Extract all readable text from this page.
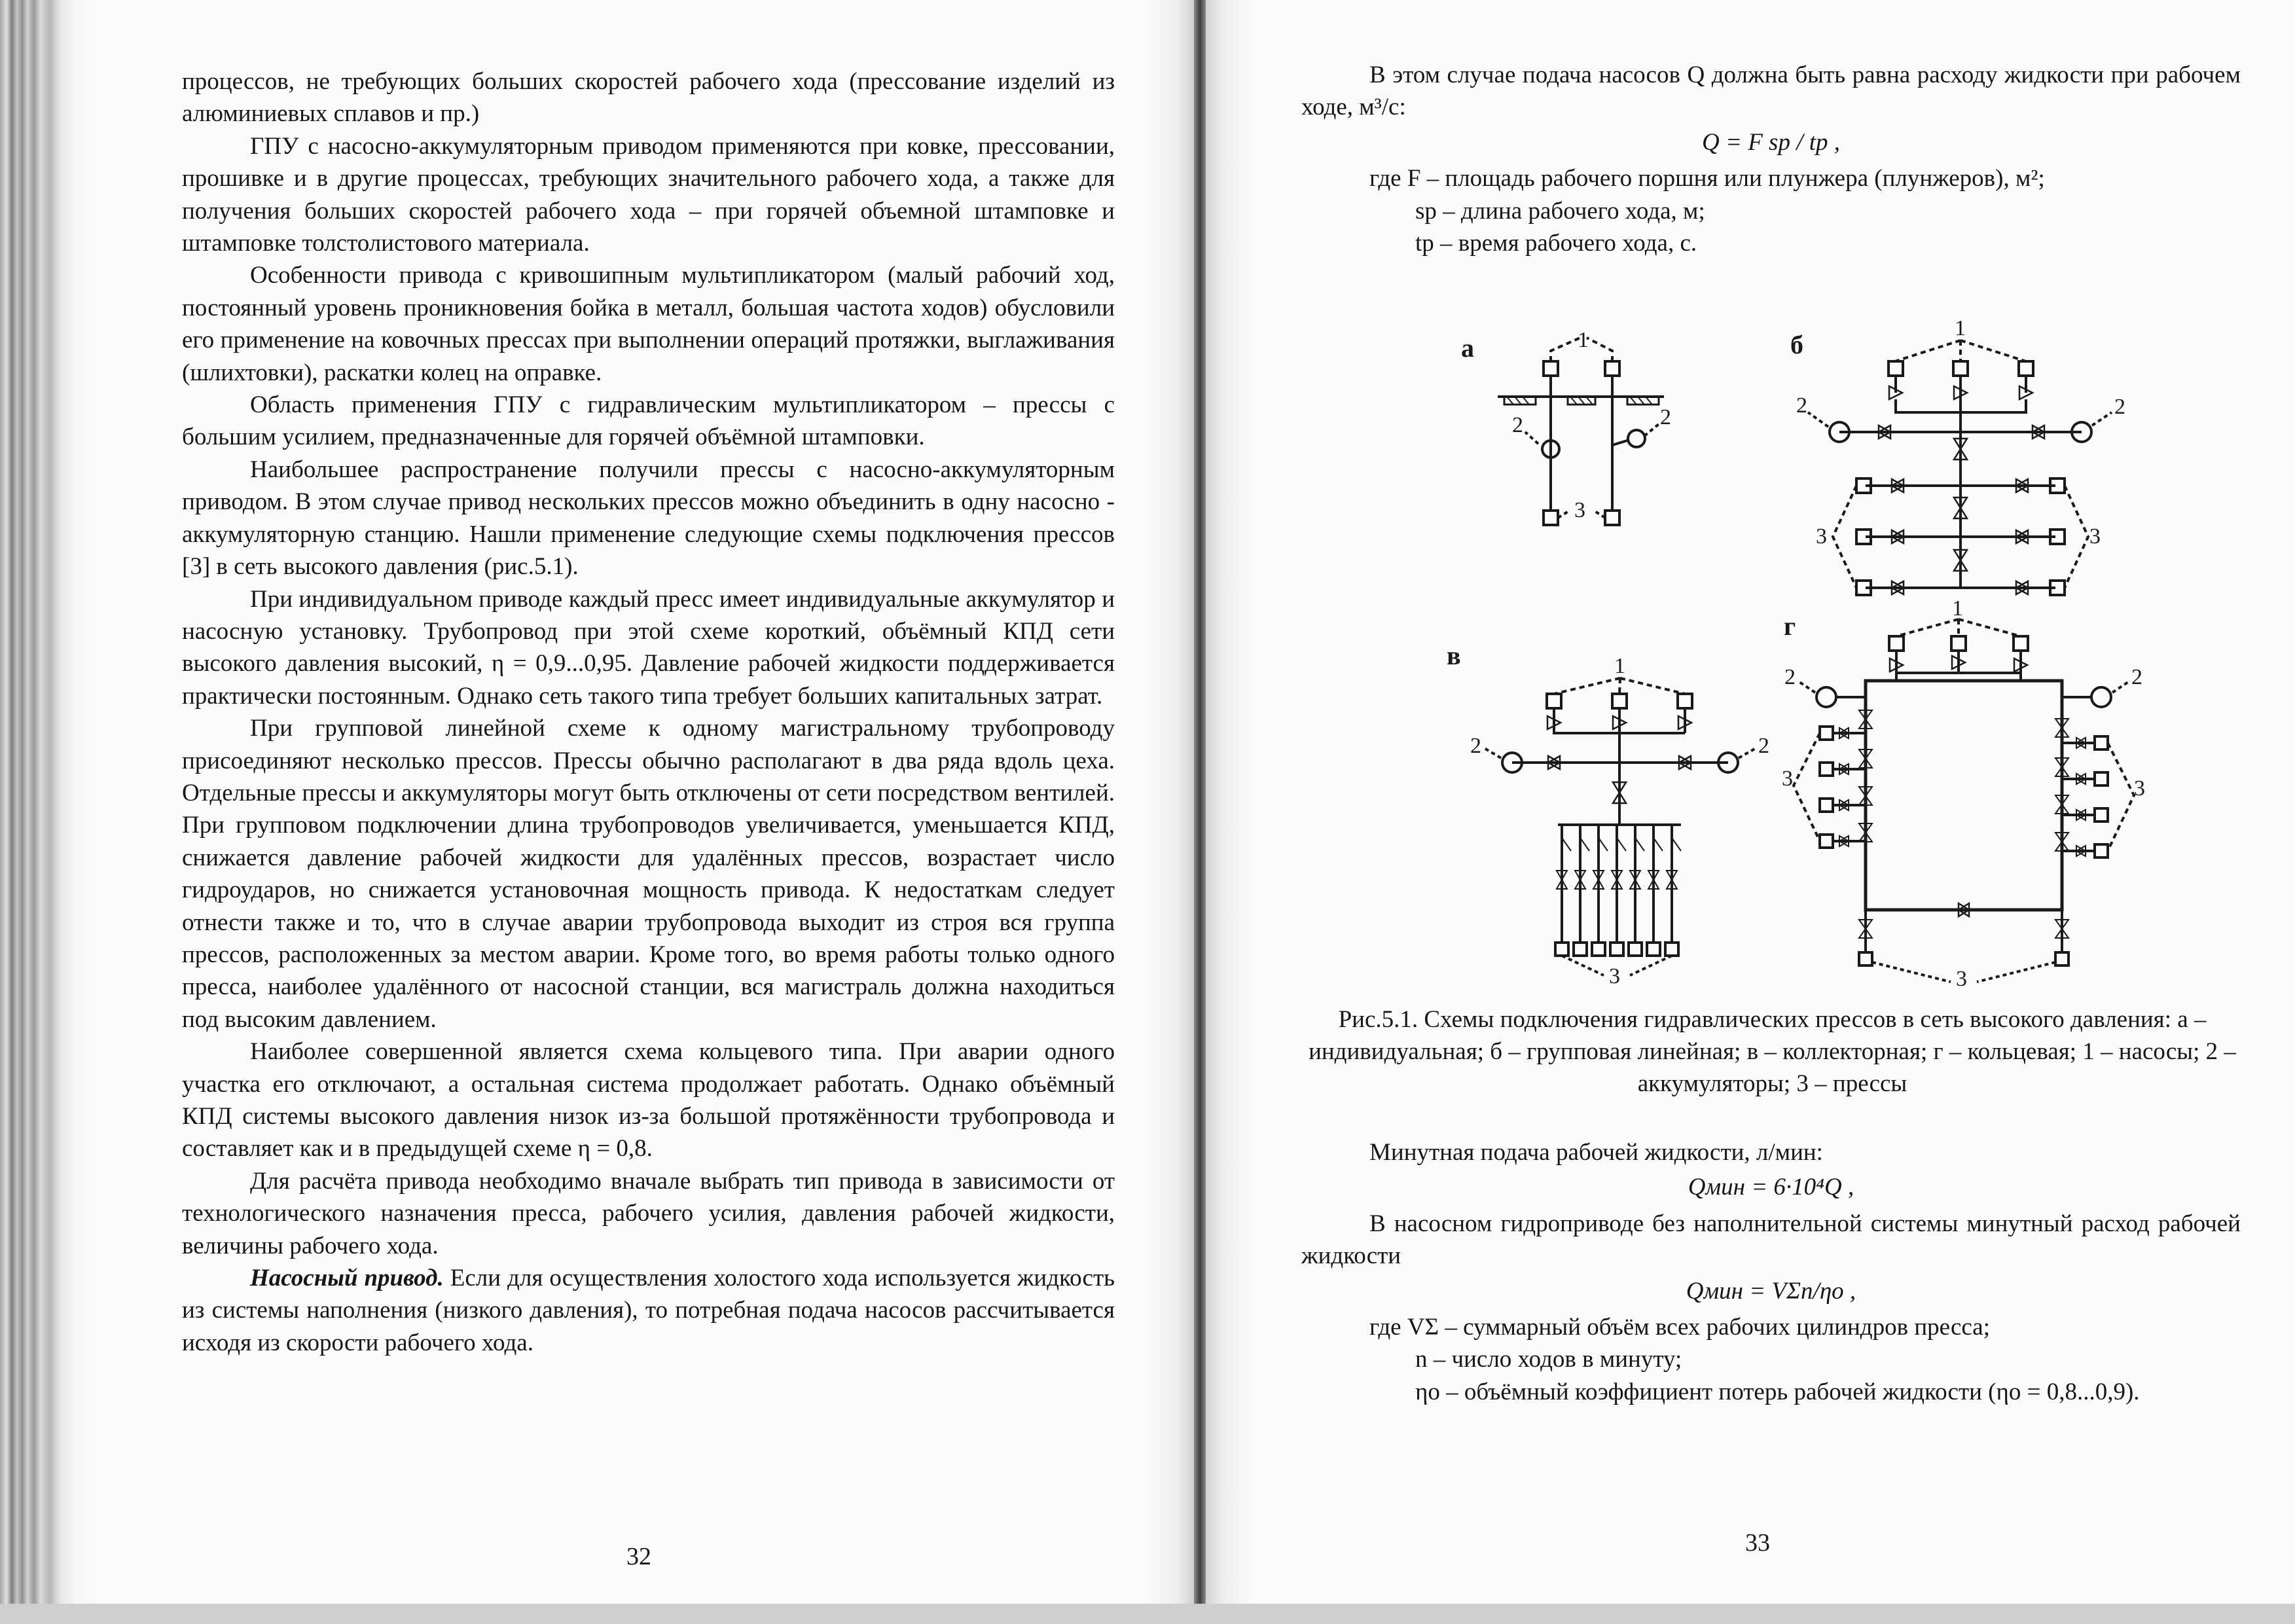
процессов, не требующих больших скоростей рабочего хода (прессование изделий из алюминиевых сплавов и пр.)

ГПУ с насосно-аккумуляторным приводом применяются при ковке, прессовании, прошивке и в другие процессах, требующих значительного рабочего хода, а также для получения больших скоростей рабочего хода – при горячей объемной штамповке и штамповке толстолистового материала.

Особенности привода с кривошипным мультипликатором (малый рабочий ход, постоянный уровень проникновения бойка в металл, большая частота ходов) обусловили его применение на ковочных прессах при выполнении операций протяжки, выглаживания (шлихтовки), раскатки колец на оправке.

Область применения ГПУ с гидравлическим мультипликатором – прессы с большим усилием, предназначенные для горячей объёмной штамповки.

Наибольшее распространение получили прессы с насосно-аккумуляторным приводом. В этом случае привод нескольких прессов можно объединить в одну насосно - аккумуляторную станцию. Нашли применение следующие схемы подключения прессов [3] в сеть высокого давления (рис.5.1).

При индивидуальном приводе каждый пресс имеет индивидуальные аккумулятор и насосную установку. Трубопровод при этой схеме короткий, объёмный КПД сети высокого давления высокий, η = 0,9...0,95. Давление рабочей жидкости поддерживается практически постоянным. Однако сеть такого типа требует больших капитальных затрат.

При групповой линейной схеме к одному магистральному трубопроводу присоединяют несколько прессов. Прессы обычно располагают в два ряда вдоль цеха. Отдельные прессы и аккумуляторы могут быть отключены от сети посредством вентилей. При групповом подключении длина трубопроводов увеличивается, уменьшается КПД, снижается давление рабочей жидкости для удалённых прессов, возрастает число гидроударов, но снижается установочная мощность привода. К недостаткам следует отнести также и то, что в случае аварии трубопровода выходит из строя вся группа прессов, расположенных за местом аварии. Кроме того, во время работы только одного пресса, наиболее удалённого от насосной станции, вся магистраль должна находиться под высоким давлением.

Наиболее совершенной является схема кольцевого типа. При аварии одного участка его отключают, а остальная система продолжает работать. Однако объёмный КПД системы высокого давления низок из-за большой протяжённости трубопровода и составляет как и в предыдущей схеме η = 0,8.

Для расчёта привода необходимо вначале выбрать тип привода в зависимости от технологического назначения пресса, рабочего усилия, давления рабочей жидкости, величины рабочего хода.

Насосный привод. Если для осуществления холостого хода используется жидкость из системы наполнения (низкого давления), то потребная подача насосов рассчитывается исходя из скорости рабочего хода.

32

В этом случае подача насосов Q должна быть равна расходу жидкости при рабочем ходе, м³/с:

Q = F sp / tp ,

где F – площадь рабочего поршня или плунжера (плунжеров), м²;

sp – длина рабочего хода, м;

tp – время рабочего хода, с.

а	1
2	2
3
б
1
2	2
3	3
в	1
2	2
3
г
1
2	2
3	3
3
Рис.5.1. Схемы подключения гидравлических прессов в сеть высокого давления: а – индивидуальная; б – групповая линейная; в – коллекторная; г – кольцевая; 1 – насосы; 2 – аккумуляторы; 3 – прессы

Минутная подача рабочей жидкости, л/мин:

Qмин = 6·10⁴Q ,

В насосном гидроприводе без наполнительной системы минутный расход рабочей жидкости

Qмин = VΣn/ηо ,

где VΣ – суммарный объём всех рабочих цилиндров пресса;

n – число ходов в минуту;

ηо – объёмный коэффициент потерь рабочей жидкости (ηо = 0,8...0,9).

33
